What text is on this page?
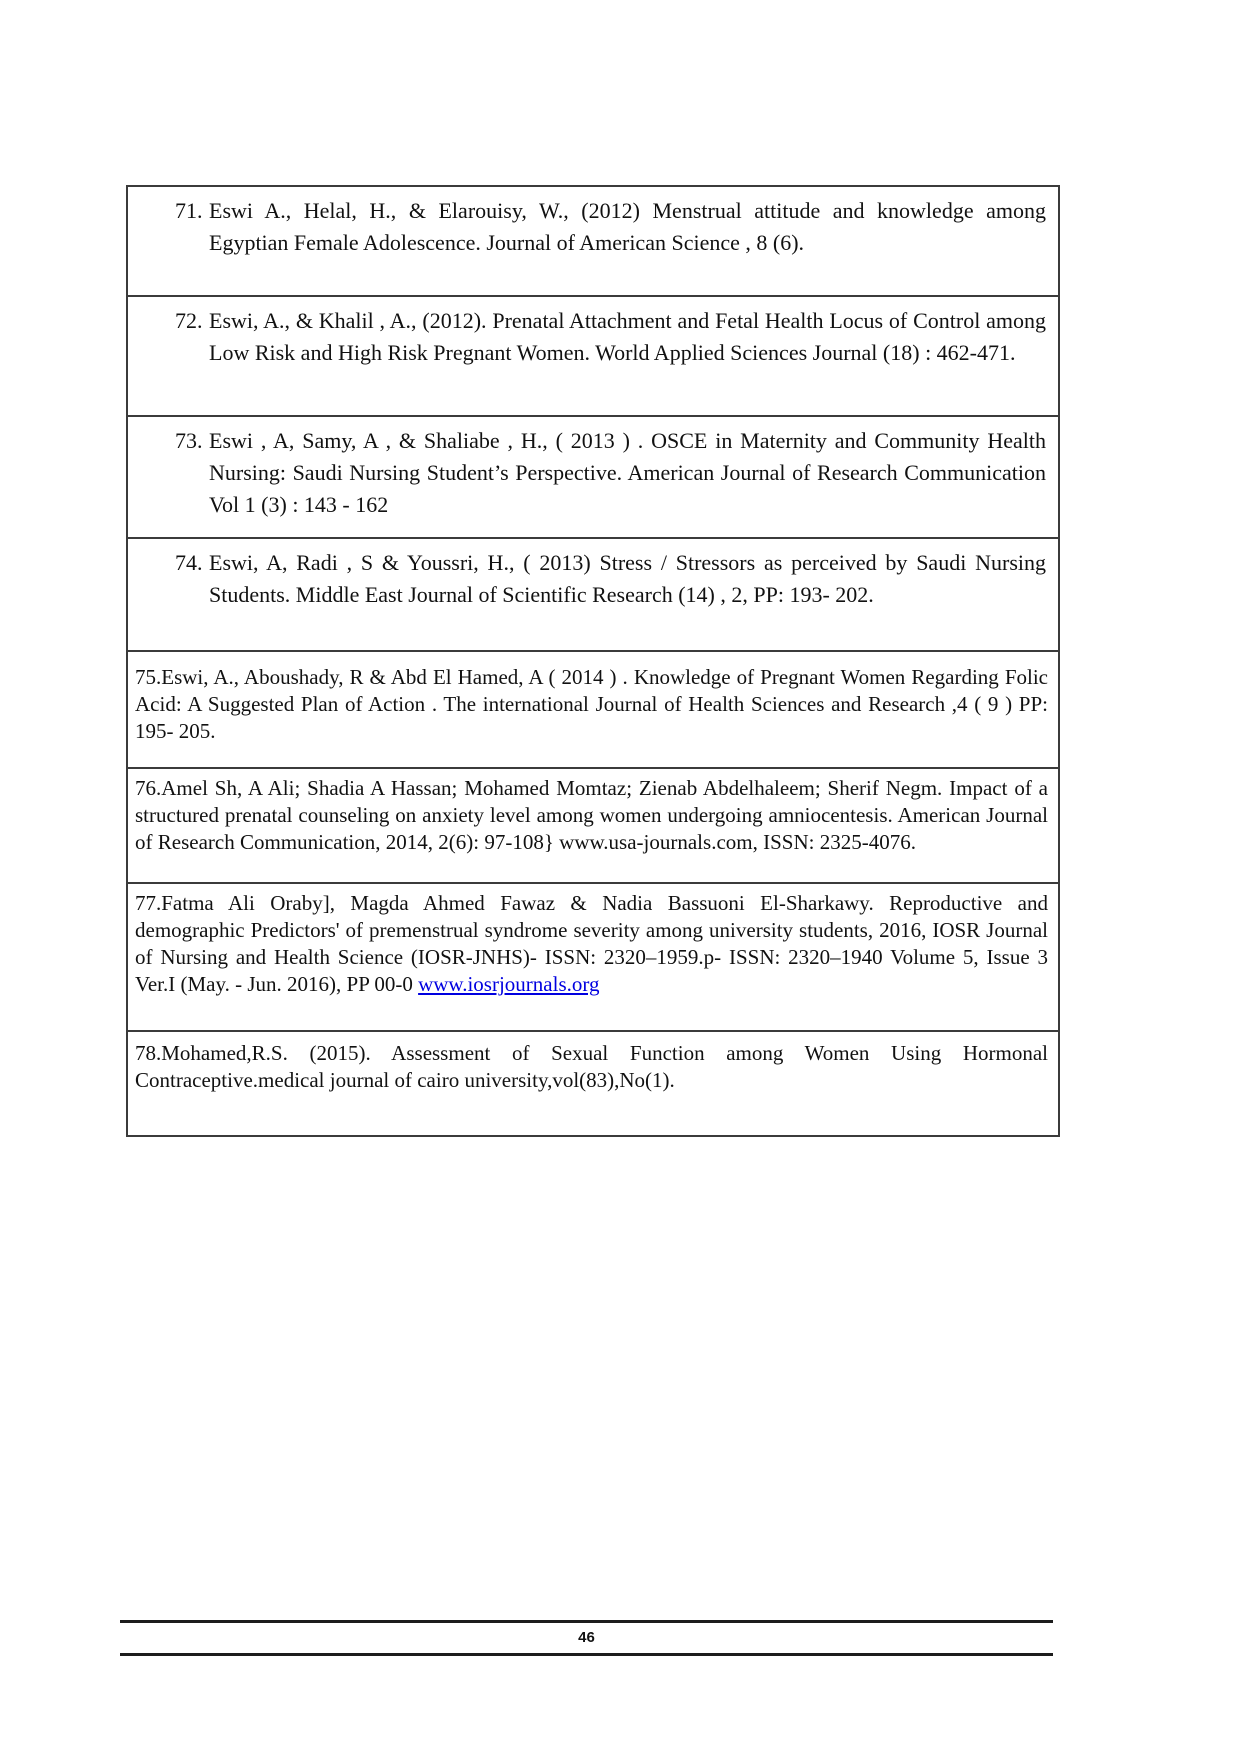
71. Eswi A., Helal, H., & Elarouisy, W., (2012) Menstrual attitude and knowledge among Egyptian Female Adolescence. Journal of American Science , 8 (6).
72. Eswi, A., & Khalil , A., (2012). Prenatal Attachment and Fetal Health Locus of Control among Low Risk and High Risk Pregnant Women. World Applied Sciences Journal (18) : 462-471.
73. Eswi , A, Samy, A , & Shaliabe , H., ( 2013 ) . OSCE in Maternity and Community Health Nursing: Saudi Nursing Student’s Perspective. American Journal of Research Communication Vol 1 (3) : 143 - 162
74. Eswi, A, Radi , S & Youssri, H., ( 2013) Stress / Stressors as perceived by Saudi Nursing Students. Middle East Journal of Scientific Research (14) , 2, PP: 193- 202.
75.Eswi, A., Aboushady, R & Abd El Hamed, A ( 2014 ) . Knowledge of Pregnant Women Regarding Folic Acid: A Suggested Plan of Action . The international Journal of Health Sciences and Research ,4 ( 9 ) PP: 195- 205.
76.Amel Sh, A Ali; Shadia A Hassan; Mohamed Momtaz; Zienab Abdelhaleem; Sherif Negm. Impact of a structured prenatal counseling on anxiety level among women undergoing amniocentesis. American Journal of Research Communication, 2014, 2(6): 97-108} www.usa-journals.com, ISSN: 2325-4076.
77.Fatma Ali Oraby], Magda Ahmed Fawaz & Nadia Bassuoni El-Sharkawy. Reproductive and demographic Predictors' of premenstrual syndrome severity among university students, 2016, IOSR Journal of Nursing and Health Science (IOSR-JNHS)- ISSN: 2320–1959.p- ISSN: 2320–1940 Volume 5, Issue 3 Ver.I (May. - Jun. 2016), PP 00-0 www.iosrjournals.org
78.Mohamed,R.S. (2015). Assessment of Sexual Function among Women Using Hormonal Contraceptive.medical journal of cairo university,vol(83),No(1).
46
